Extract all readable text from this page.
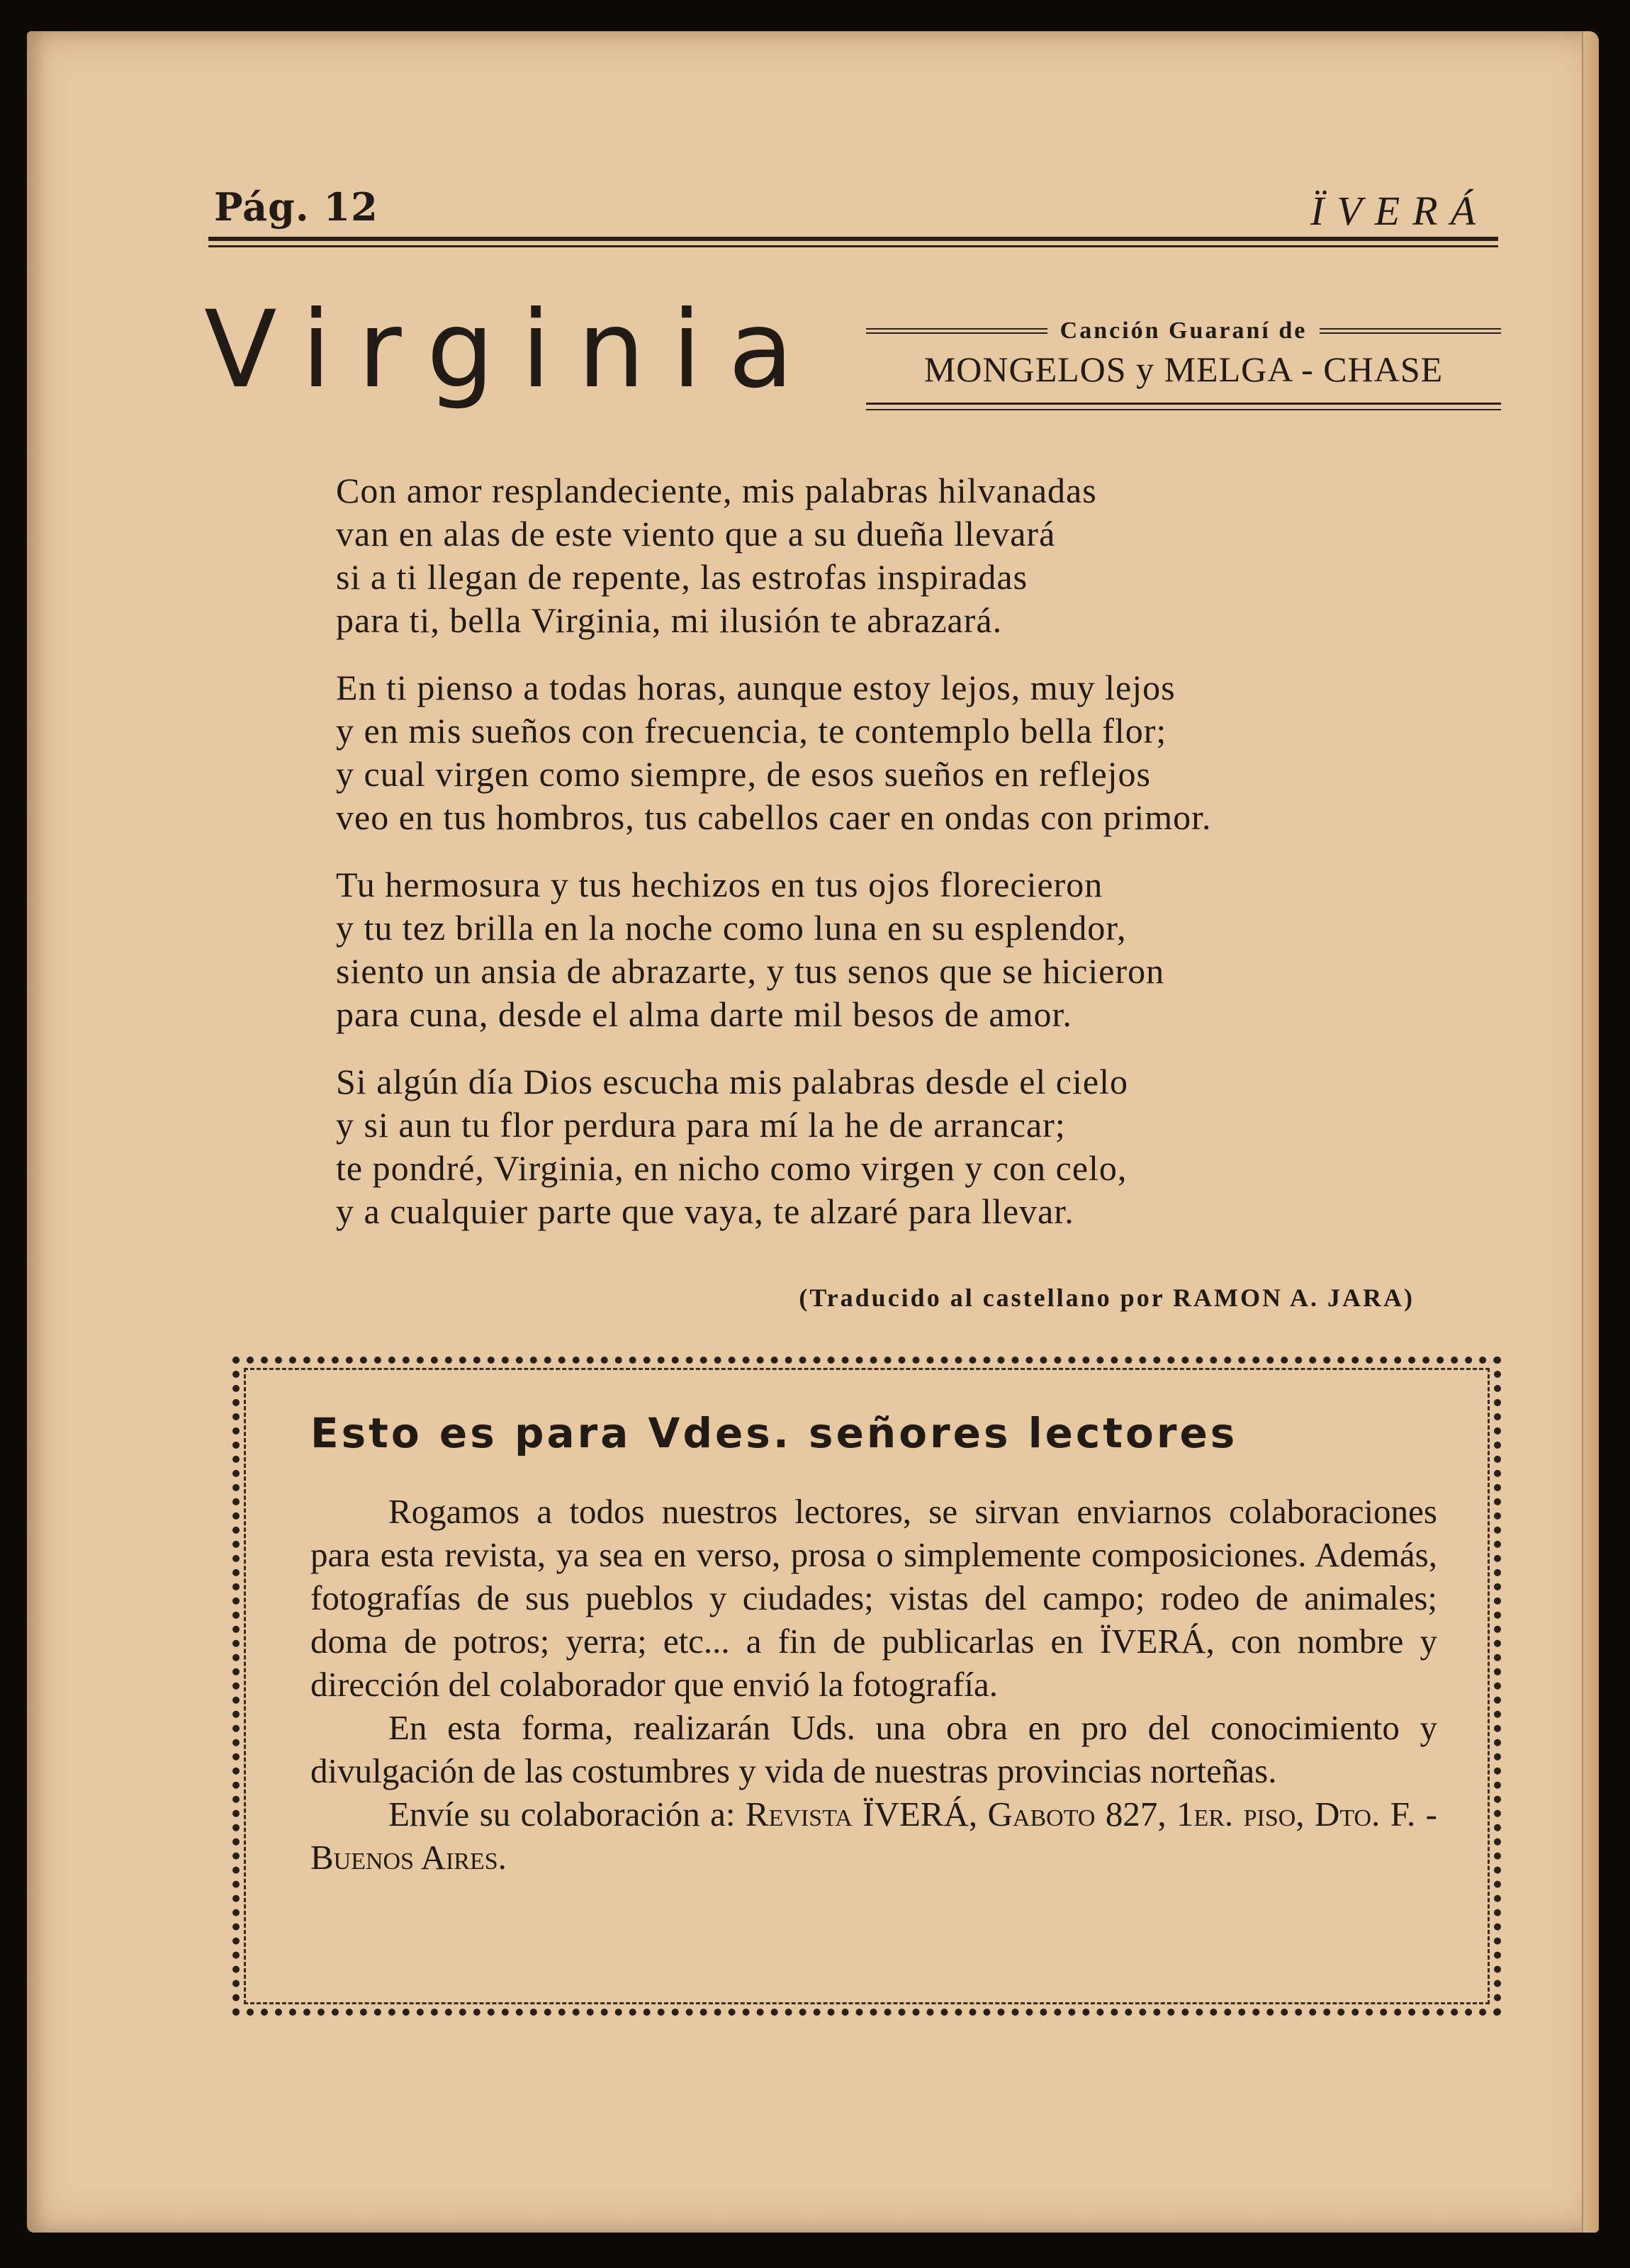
Pág. 12	ÏVERÁ
Virginia	Canción Guaraní de
MONGELOS y MELGA - CHASE
Con amor resplandeciente, mis palabras hilvanadas
van en alas de este viento que a su dueña llevará
si a ti llegan de repente, las estrofas inspiradas
para ti, bella Virginia, mi ilusión te abrazará.
En ti pienso a todas horas, aunque estoy lejos, muy lejos
y en mis sueños con frecuencia, te contemplo bella flor;
y cual virgen como siempre, de esos sueños en reflejos
veo en tus hombros, tus cabellos caer en ondas con primor.
Tu hermosura y tus hechizos en tus ojos florecieron
y tu tez brilla en la noche como luna en su esplendor,
siento un ansia de abrazarte, y tus senos que se hicieron
para cuna, desde el alma darte mil besos de amor.
Si algún día Dios escucha mis palabras desde el cielo
y si aun tu flor perdura para mí la he de arrancar;
te pondré, Virginia, en nicho como virgen y con celo,
y a cualquier parte que vaya, te alzaré para llevar.
(Traducido al castellano por RAMON A. JARA)
Esto es para Vdes. señores lectores

Rogamos a todos nuestros lectores, se sirvan enviarnos colaboraciones para esta revista, ya sea en verso, prosa o simplemente composiciones. Además, fotografías de sus pueblos y ciudades; vistas del campo; rodeo de animales; doma de potros; yerra; etc... a fin de publicarlas en ÏVERÁ, con nombre y dirección del colaborador que envió la fotografía.

En esta forma, realizarán Uds. una obra en pro del conocimiento y divulgación de las costumbres y vida de nuestras provincias norteñas.

Envíe su colaboración a: Revista ÏVERÁ, Gaboto 827, 1er. piso, Dto. F. - Buenos Aires.
